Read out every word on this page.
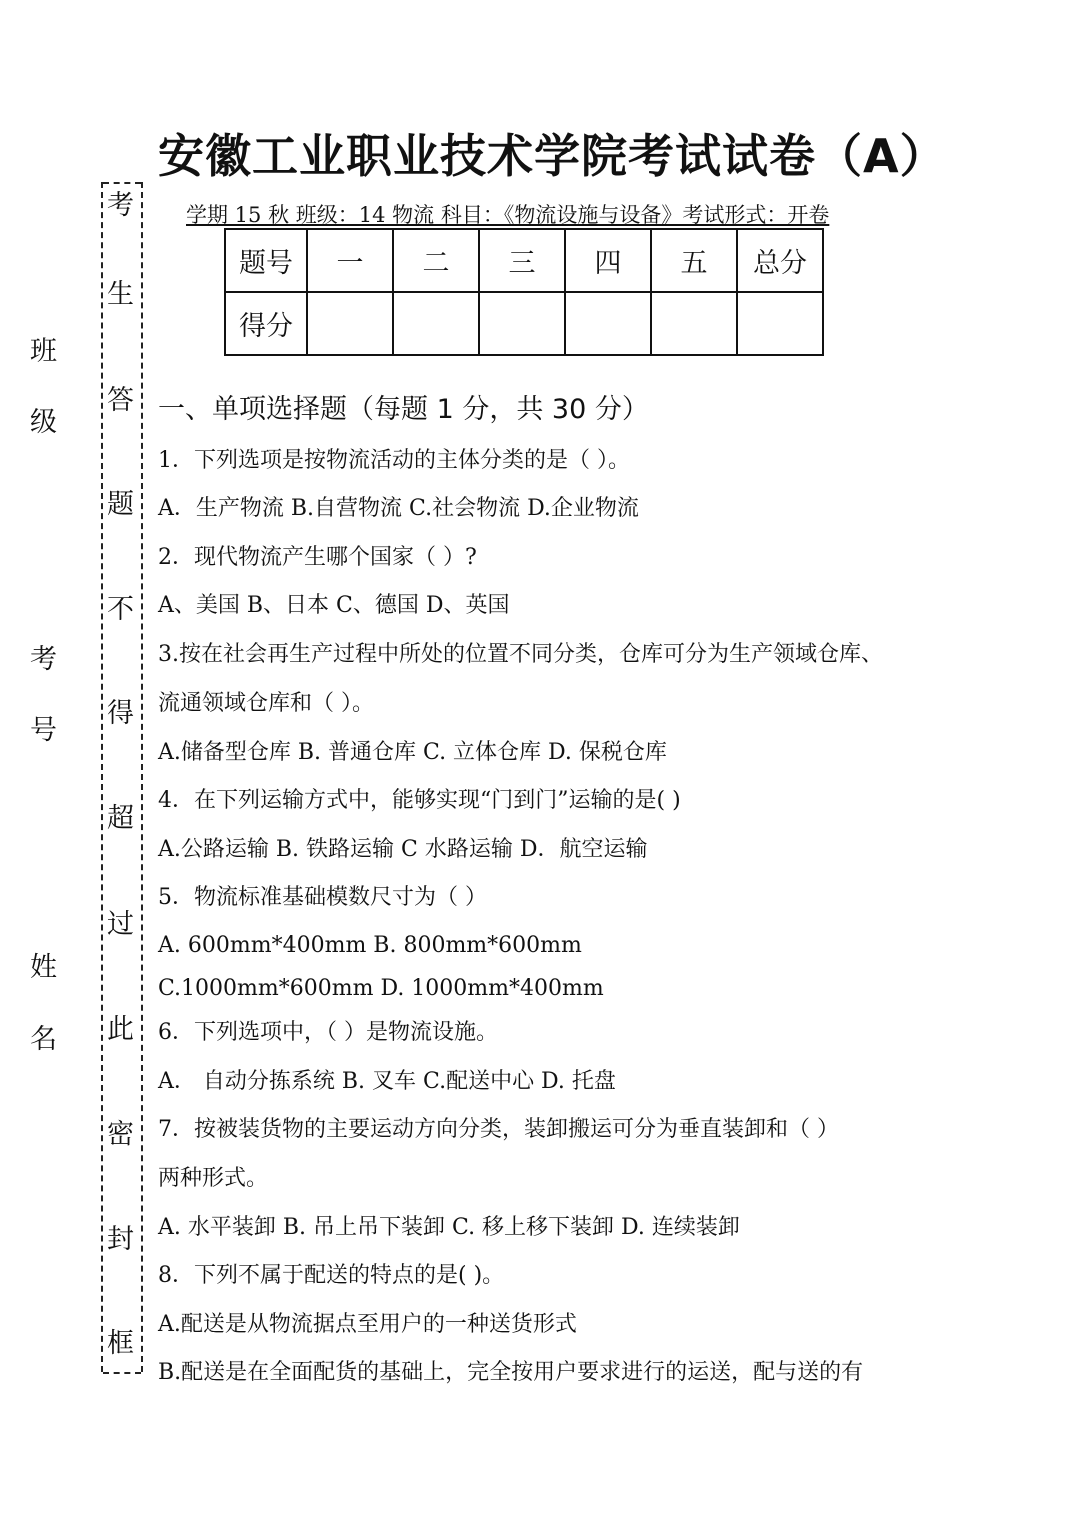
安徽工业职业技术学院考试试卷（A）
学期 15 秋 班级：14 物流 科目：《物流设施与设备》考试形式：开卷
题号	一	二	三	四	五	总分
得分						
班
级
考
号
姓
名
考
生
答
题
不
得
超
过
此
密
封
框
一、单项选择题（每题 1 分，共 30 分）
1．下列选项是按物流活动的主体分类的是（ ）。
A．生产物流 B.自营物流 C.社会物流 D.企业物流
2．现代物流产生哪个国家（ ）?
A、美国 B、日本 C、德国 D、英国
3.按在社会再生产过程中所处的位置不同分类，仓库可分为生产领域仓库、
流通领域仓库和（ ）。
A.储备型仓库 B. 普通仓库 C. 立体仓库 D. 保税仓库
4．在下列运输方式中，能够实现“门到门”运输的是( )
A.公路运输 B. 铁路运输 C 水路运输 D．航空运输
5．物流标准基础模数尺寸为（ ）
A. 600mm*400mm B. 800mm*600mm
C.1000mm*600mm D. 1000mm*400mm
6．下列选项中，（ ）是物流设施。
A． 自动分拣系统 B. 叉车 C.配送中心 D. 托盘
7．按被装货物的主要运动方向分类，装卸搬运可分为垂直装卸和（ ）
两种形式。
A. 水平装卸 B. 吊上吊下装卸 C. 移上移下装卸 D. 连续装卸
8．下列不属于配送的特点的是( )。
A.配送是从物流据点至用户的一种送货形式
B.配送是在全面配货的基础上，完全按用户要求进行的运送，配与送的有
